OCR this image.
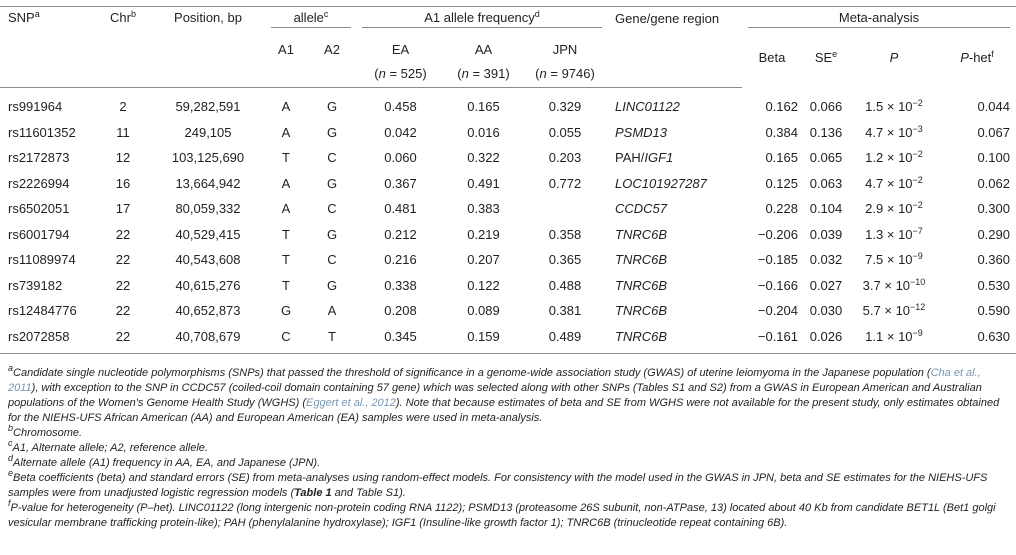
SNP$^a$	Chr$^b$	Position, bp	allele$^c$		A1 allele frequency$^d$			Gene/gene region	Meta-analysis			
			A1	A2	EA	AA	JPN		Beta	$SE^e$	P	P-het$^f$
					(n = 525)	(n = 391)	(n = 9746)					
rs991964	2	59,282,591	A	G	0.458	0.165	0.329	LINC01122	0.162	0.066	$1.5 \times 10^{-2}$	0.044
rs11601352	11	249,105	A	G	0.042	0.016	0.055	PSMD13	0.384	0.136	$4.7 \times 10^{-3}$	0.067
rs2172873	12	103,125,690	T	C	0.060	0.322	0.203	PAH/IGF1	0.165	0.065	$1.2 \times 10^{-2}$	0.100
rs2226994	16	13,664,942	A	G	0.367	0.491	0.772	LOC101927287	0.125	0.063	$4.7 \times 10^{-2}$	0.062
rs6502051	17	80,059,332	A	C	0.481	0.383		CCDC57	0.228	0.104	$2.9 \times 10^{-2}$	0.300
rs6001794	22	40,529,415	T	G	0.212	0.219	0.358	TNRC6B	−0.206	0.039	$1.3 \times 10^{-7}$	0.290
rs11089974	22	40,543,608	T	C	0.216	0.207	0.365	TNRC6B	−0.185	0.032	$7.5 \times 10^{-9}$	0.360
rs739182	22	40,615,276	T	G	0.338	0.122	0.488	TNRC6B	−0.166	0.027	$3.7 \times 10^{-10}$	0.530
rs12484776	22	40,652,873	G	A	0.208	0.089	0.381	TNRC6B	−0.204	0.030	$5.7 \times 10^{-12}$	0.590
rs2072858	22	40,708,679	C	T	0.345	0.159	0.489	TNRC6B	−0.161	0.026	$1.1 \times 10^{-9}$	0.630

$^a$Candidate single nucleotide polymorphisms (SNPs) that passed the threshold of significance in a genome-wide association study (GWAS) of uterine leiomyoma in the Japanese population (Cha et al., 2011), with exception to the SNP in CCDC57 (coiled-coil domain containing 57 gene) which was selected along with other SNPs (Tables S1 and S2) from a GWAS in European American and Australian populations of the Women's Genome Health Study (WGHS) (Eggert et al., 2012). Note that because estimates of beta and SE from WGHS were not available for the present study, only estimates obtained for the NIEHS-UFS African American (AA) and European American (EA) samples were used in meta-analysis.

$^b$Chromosome.

$^c$A1, Alternate allele; A2, reference allele.

$^d$Alternate allele (A1) frequency in AA, EA, and Japanese (JPN).

$^e$Beta coefficients (beta) and standard errors (SE) from meta-analyses using random-effect models. For consistency with the model used in the GWAS in JPN, beta and SE estimates for the NIEHS-UFS samples were from unadjusted logistic regression models (Table 1 and Table S1).

$^f$P-value for heterogeneity (P–het). LINC01122 (long intergenic non-protein coding RNA 1122); PSMD13 (proteasome 26S subunit, non-ATPase, 13) located about 40 Kb from candidate BET1L (Bet1 golgi vesicular membrane trafficking protein-like); PAH (phenylalanine hydroxylase); IGF1 (Insuline-like growth factor 1); TNRC6B (trinucleotide repeat containing 6B).
